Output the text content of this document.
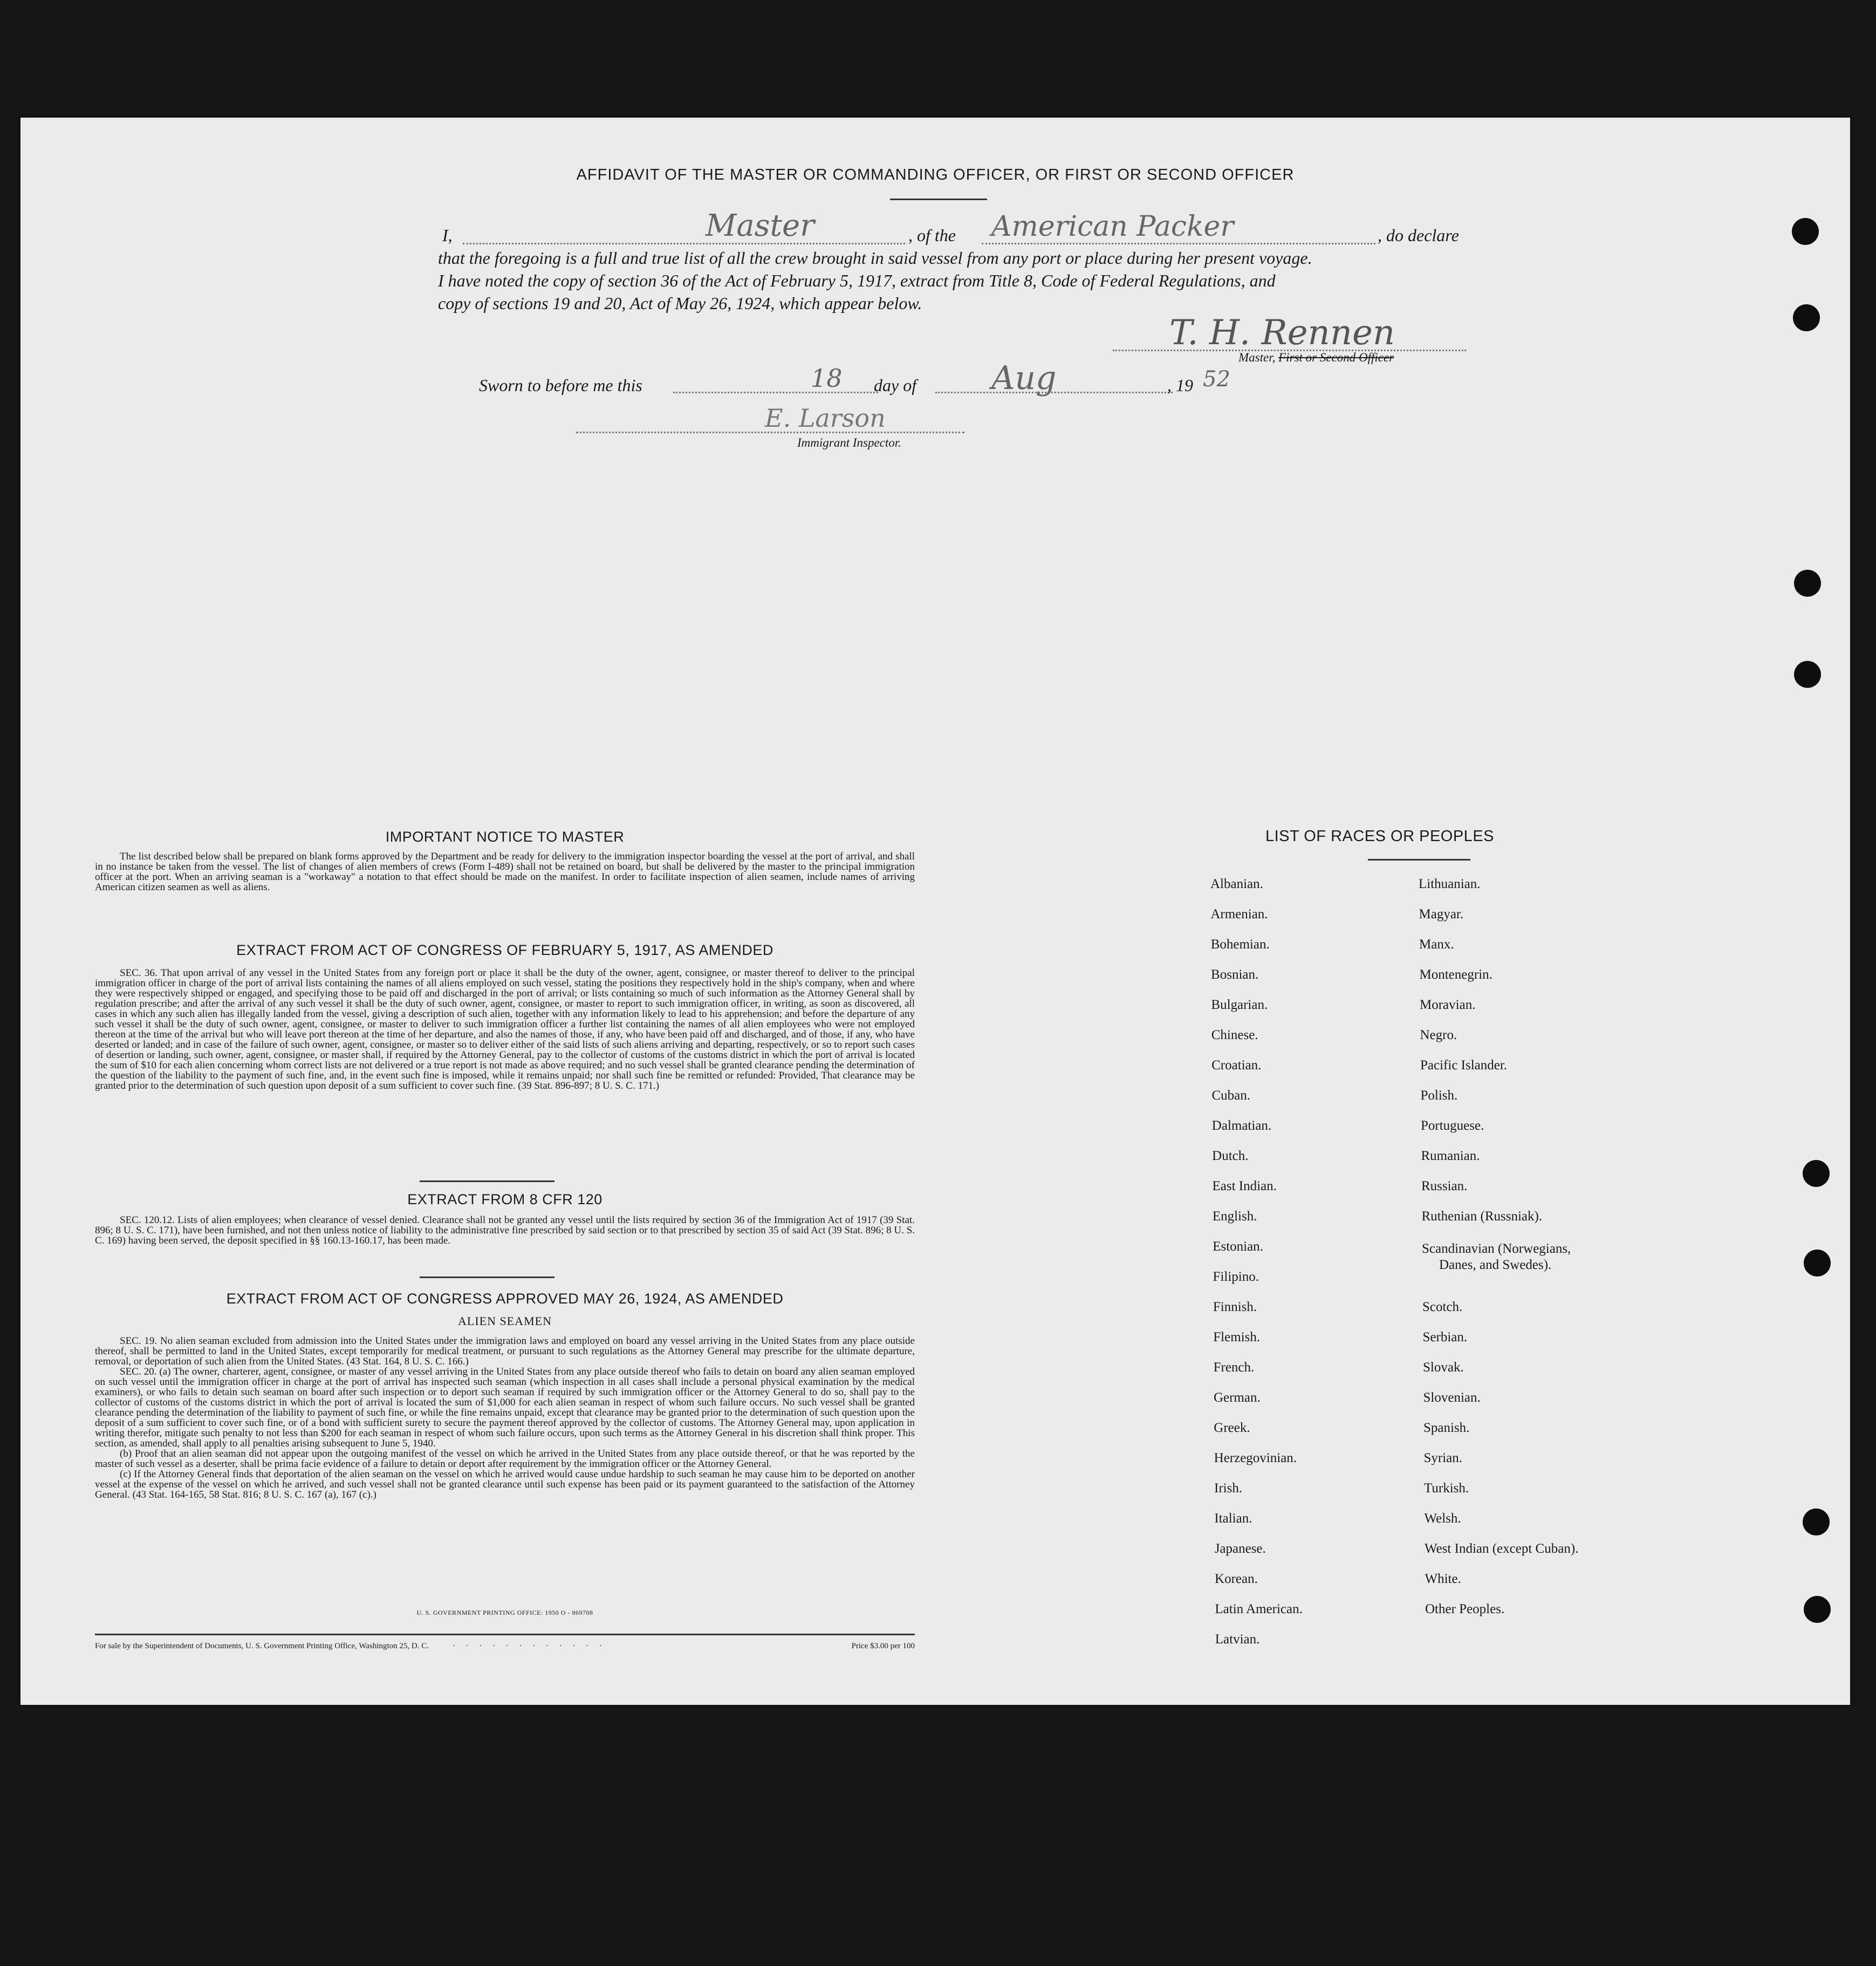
AFFIDAVIT OF THE MASTER OR COMMANDING OFFICER, OR FIRST OR SECOND OFFICER
I,	Master	, of the American Packer	, do declare
that the foregoing is a full and true list of all the crew brought in said vessel from any port or place during her present voyage.
I have noted the copy of section 36 of the Act of February 5, 1917, extract from Title 8, Code of Federal Regulations, and
copy of sections 19 and 20, Act of May 26, 1924, which appear below.
T. H. Rennen
Master, First or Second Officer
Sworn to before me this	18 day of Aug	, 19 52
E. Larson
Immigrant Inspector.
IMPORTANT NOTICE TO MASTER

The list described below shall be prepared on blank forms approved by the Department and be ready for delivery to the immigration inspector boarding the vessel at the port of arrival, and shall in no instance be taken from the vessel. The list of changes of alien members of crews (Form I-489) shall not be retained on board, but shall be delivered by the master to the principal immigration officer at the port. When an arriving seaman is a "workaway" a notation to that effect should be made on the manifest. In order to facilitate inspection of alien seamen, include names of arriving American citizen seamen as well as aliens.

EXTRACT FROM ACT OF CONGRESS OF FEBRUARY 5, 1917, AS AMENDED

SEC. 36. That upon arrival of any vessel in the United States from any foreign port or place it shall be the duty of the owner, agent, consignee, or master thereof to deliver to the principal immigration officer in charge of the port of arrival lists containing the names of all aliens employed on such vessel, stating the positions they respectively hold in the ship's company, when and where they were respectively shipped or engaged, and specifying those to be paid off and discharged in the port of arrival; or lists containing so much of such information as the Attorney General shall by regulation prescribe; and after the arrival of any such vessel it shall be the duty of such owner, agent, consignee, or master to report to such immigration officer, in writing, as soon as discovered, all cases in which any such alien has illegally landed from the vessel, giving a description of such alien, together with any information likely to lead to his apprehension; and before the departure of any such vessel it shall be the duty of such owner, agent, consignee, or master to deliver to such immigration officer a further list containing the names of all alien employees who were not employed thereon at the time of the arrival but who will leave port thereon at the time of her departure, and also the names of those, if any, who have been paid off and discharged, and of those, if any, who have deserted or landed; and in case of the failure of such owner, agent, consignee, or master so to deliver either of the said lists of such aliens arriving and departing, respectively, or so to report such cases of desertion or landing, such owner, agent, consignee, or master shall, if required by the Attorney General, pay to the collector of customs of the customs district in which the port of arrival is located the sum of $10 for each alien concerning whom correct lists are not delivered or a true report is not made as above required; and no such vessel shall be granted clearance pending the determination of the question of the liability to the payment of such fine, and, in the event such fine is imposed, while it remains unpaid; nor shall such fine be remitted or refunded: Provided, That clearance may be granted prior to the determination of such question upon deposit of a sum sufficient to cover such fine. (39 Stat. 896-897; 8 U. S. C. 171.)

EXTRACT FROM 8 CFR 120

SEC. 120.12. Lists of alien employees; when clearance of vessel denied. Clearance shall not be granted any vessel until the lists required by section 36 of the Immigration Act of 1917 (39 Stat. 896; 8 U. S. C. 171), have been furnished, and not then unless notice of liability to the administrative fine prescribed by said section or to that prescribed by section 35 of said Act (39 Stat. 896; 8 U. S. C. 169) having been served, the deposit specified in §§ 160.13-160.17, has been made.

EXTRACT FROM ACT OF CONGRESS APPROVED MAY 26, 1924, AS AMENDED
ALIEN SEAMEN

SEC. 19. No alien seaman excluded from admission into the United States under the immigration laws and employed on board any vessel arriving in the United States from any place outside thereof, shall be permitted to land in the United States, except temporarily for medical treatment, or pursuant to such regulations as the Attorney General may prescribe for the ultimate departure, removal, or deportation of such alien from the United States. (43 Stat. 164, 8 U. S. C. 166.)

SEC. 20. (a) The owner, charterer, agent, consignee, or master of any vessel arriving in the United States from any place outside thereof who fails to detain on board any alien seaman employed on such vessel until the immigration officer in charge at the port of arrival has inspected such seaman (which inspection in all cases shall include a personal physical examination by the medical examiners), or who fails to detain such seaman on board after such inspection or to deport such seaman if required by such immigration officer or the Attorney General to do so, shall pay to the collector of customs of the customs district in which the port of arrival is located the sum of $1,000 for each alien seaman in respect of whom such failure occurs. No such vessel shall be granted clearance pending the determination of the liability to payment of such fine, or while the fine remains unpaid, except that clearance may be granted prior to the determination of such question upon the deposit of a sum sufficient to cover such fine, or of a bond with sufficient surety to secure the payment thereof approved by the collector of customs. The Attorney General may, upon application in writing therefor, mitigate such penalty to not less than $200 for each seaman in respect of whom such failure occurs, upon such terms as the Attorney General in his discretion shall think proper. This section, as amended, shall apply to all penalties arising subsequent to June 5, 1940.

(b) Proof that an alien seaman did not appear upon the outgoing manifest of the vessel on which he arrived in the United States from any place outside thereof, or that he was reported by the master of such vessel as a deserter, shall be prima facie evidence of a failure to detain or deport after requirement by the immigration officer or the Attorney General.

(c) If the Attorney General finds that deportation of the alien seaman on the vessel on which he arrived would cause undue hardship to such seaman he may cause him to be deported on another vessel at the expense of the vessel on which he arrived, and such vessel shall not be granted clearance until such expense has been paid or its payment guaranteed to the satisfaction of the Attorney General. (43 Stat. 164-165, 58 Stat. 816; 8 U. S. C. 167 (a), 167 (c).)

U. S. GOVERNMENT PRINTING OFFICE: 1950 O - 869708
For sale by the Superintendent of Documents, U. S. Government Printing Office, Washington 25, D. C.	· · · · · · · · · · · ·	Price $3.00 per 100
LIST OF RACES OR PEOPLES
Albanian.
Armenian.
Bohemian.
Bosnian.
Bulgarian.
Chinese.
Croatian.
Cuban.
Dalmatian.
Dutch.
East Indian.
English.
Estonian.
Filipino.
Finnish.
Flemish.
French.
German.
Greek.
Herzegovinian.
Irish.
Italian.
Japanese.
Korean.
Latin American.
Latvian.
Lithuanian.
Magyar.
Manx.
Montenegrin.
Moravian.
Negro.
Pacific Islander.
Polish.
Portuguese.
Rumanian.
Russian.
Ruthenian (Russniak).
Scandinavian (Norwegians,
Danes, and Swedes).
Scotch.
Serbian.
Slovak.
Slovenian.
Spanish.
Syrian.
Turkish.
Welsh.
West Indian (except Cuban).
White.
Other Peoples.
